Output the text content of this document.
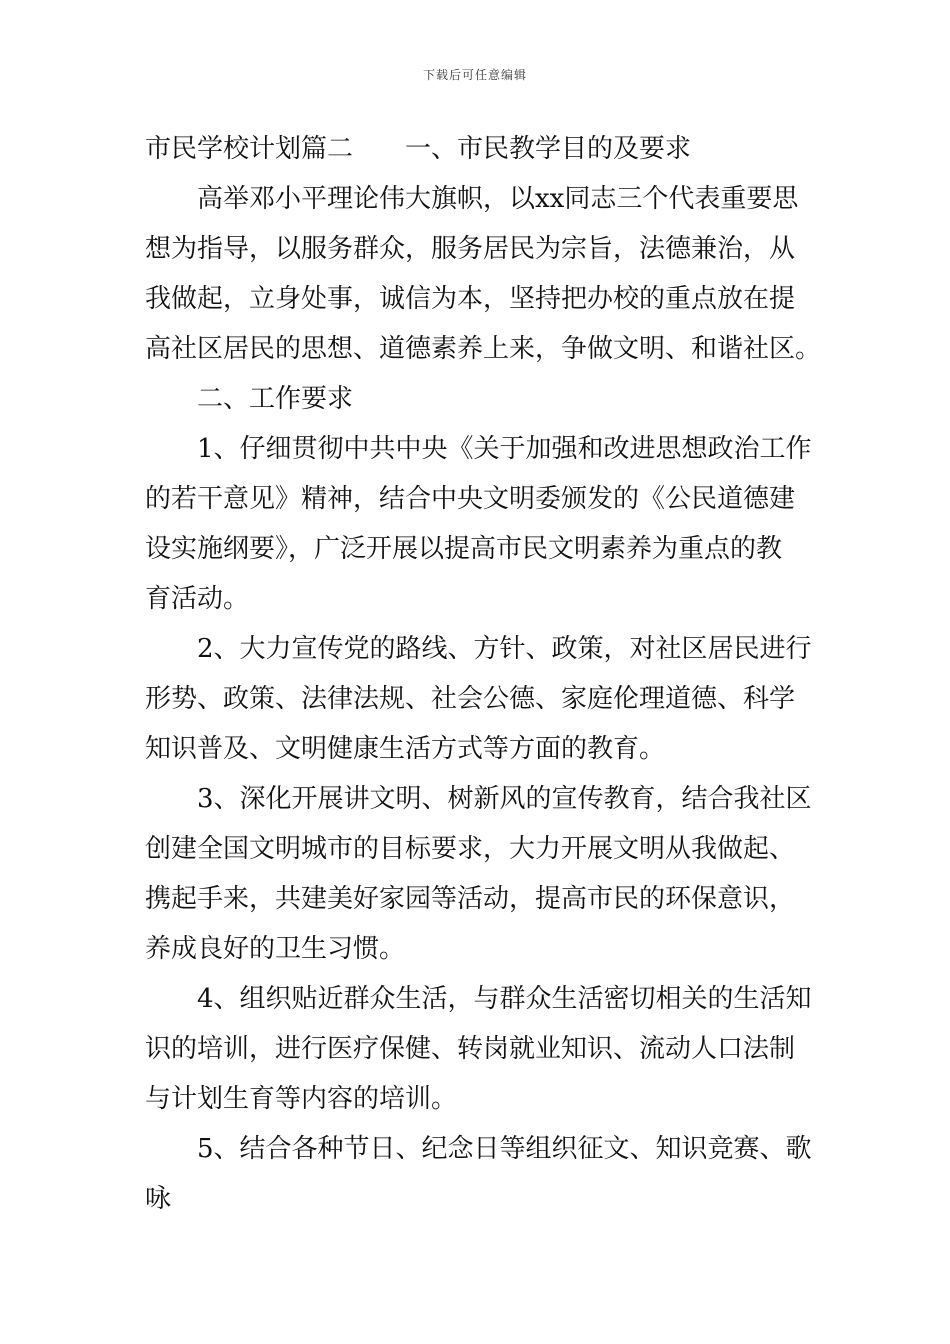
下载后可任意编辑
市民学校计划篇二 一、市民教学目的及要求
高举邓小平理论伟大旗帜，以xx同志三个代表重要思
想为指导，以服务群众，服务居民为宗旨，法德兼治，从
我做起，立身处事，诚信为本，坚持把办校的重点放在提
高社区居民的思想、道德素养上来，争做文明、和谐社区。
二、工作要求
1、仔细贯彻中共中央《关于加强和改进思想政治工作
的若干意见》精神，结合中央文明委颁发的《公民道德建
设实施纲要》，广泛开展以提高市民文明素养为重点的教
育活动。
2、大力宣传党的路线、方针、政策，对社区居民进行
形势、政策、法律法规、社会公德、家庭伦理道德、科学
知识普及、文明健康生活方式等方面的教育。
3、深化开展讲文明、树新风的宣传教育，结合我社区
创建全国文明城市的目标要求，大力开展文明从我做起、
携起手来，共建美好家园等活动，提高市民的环保意识，
养成良好的卫生习惯。
4、组织贴近群众生活，与群众生活密切相关的生活知
识的培训，进行医疗保健、转岗就业知识、流动人口法制
与计划生育等内容的培训。
5、结合各种节日、纪念日等组织征文、知识竞赛、歌
咏
